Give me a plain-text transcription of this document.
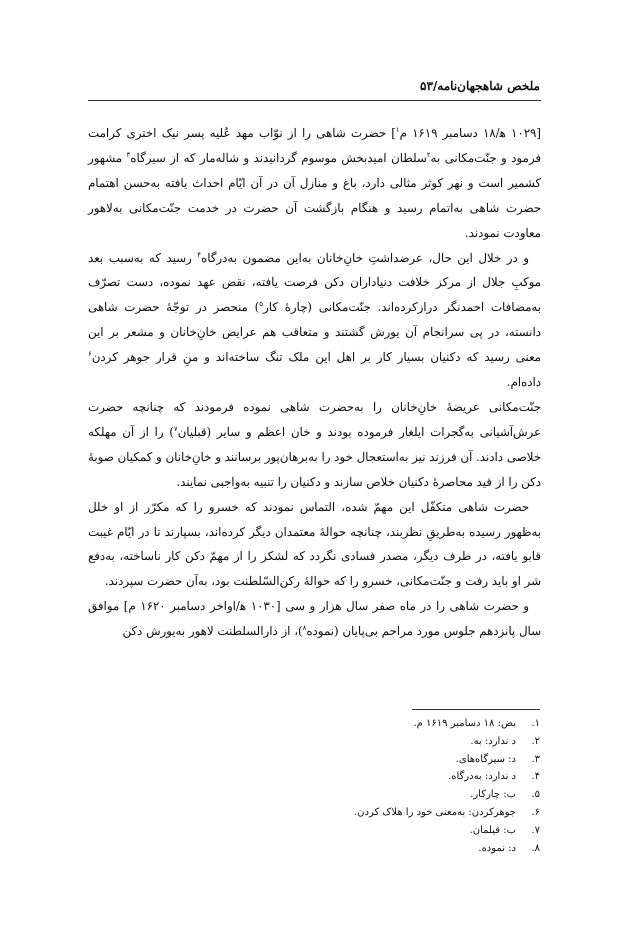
ملخص شاهجهان‌نامه/۵۳

[۱۰۲۹ ه‍/۱۸ دسامبر ۱۶۱۹ م$^۱$] حضرت شاهی را از نوّاب مهد عُلیه پسر نیک اختری کرامت فرمود و جنّت‌مکانی به$^۲$سلطان امیدبخش موسوم گردانیدند و شاله‌مار که از سیرگاه$^۳$ مشهور کشمیر است و نهر کوثر مثالی دارد، باغ و منازل آن در آن ایّام احداث یافته به‌حسن اهتمام حضرت شاهی به‌اتمام رسید و هنگام بازگشت آن حضرت در خدمت جنّت‌مکانی به‌لاهور معاودت نمودند.

و در خلال این حال، عرضداشتِ خانِ‌خانان به‌این مضمون به‌درگاه$^۴$ رسید که به‌سبب بعد موکبِ جلال از مرکز خلافت دنیاداران دکن فرصت یافته، نقض عهد نموده، دست تصرّف به‌مضافات احمدنگر درازکرده‌اند. جنّت‌مکانی (چارهٔ کار$^۵$) منحصر در توجّهٔ حضرت شاهی دانسته، در پی سرانجام آن یورش گشتند و متعاقب هم عرایض خانِ‌خانان و مشعر بر این معنی رسید که دکنیان بسیار کار بر اهل این ملک تنگ ساخته‌اند و منِ قرار جوهر کردن$^۶$ داده‌ام.

جنّت‌مکانی عریضهٔ خانِ‌خانان را به‌حضرت شاهی نموده فرمودند که چنانچه حضرت عرش‌آشیانی به‌گجرات ایلغار فرموده بودند و خان اعظم و سایر (قبلیان$^۷$) را از آن مهلکه خلاصی دادند. آن فرزند نیز به‌استعجال خود را به‌برهان‌پور برسانند و خانِ‌خانان و کمکیان صوبهٔ دکن را از قید محاصرهٔ دکنیان خلاص سازند و دکنیان را تنبیه به‌واجبی نمایند.

حضرت شاهی متکفّل این مهمّ شده، التماس نمودند که خسرو را که مکرّر از او خلل به‌ظهور رسیده به‌طریقِ نظربند، چنانچه حوالهٔ معتمدان دیگر کرده‌اند، بسپارند تا در ایّام غیبت قابو یافته، در طرف دیگر، مصدر فسادی نگردد که لشکر را از مهمّ دکن کار ناساخته، به‌دفع شر او باید رفت و جنّت‌مکانی، خسرو را که حوالهٔ رکن‌السّلطنت بود، به‌آن حضرت سپردند.

و حضرت شاهی را در ماه صفر سال هزار و سی [۱۰۳۰ ه‍/اواخر دسامبر ۱۶۲۰ م] موافق سال پانزدهم جلوس مورد مراحم بی‌پایان (نموده$^۸$)، از دارالسلطنت لاهور به‌یورش دکن

۱.
بض: ۱۸ دسامبر ۱۶۱۹ م.
۲.
د ندارد: به.
۳.
د: سیرگاه‌های.
۴.
د ندارد: به‌درگاه.
۵.
ب: چارکار.
۶.
جوهرکردن: به‌معنی خود را هلاک کردن.
۷.
ب: قیلمان.
۸.
د: نموده.
